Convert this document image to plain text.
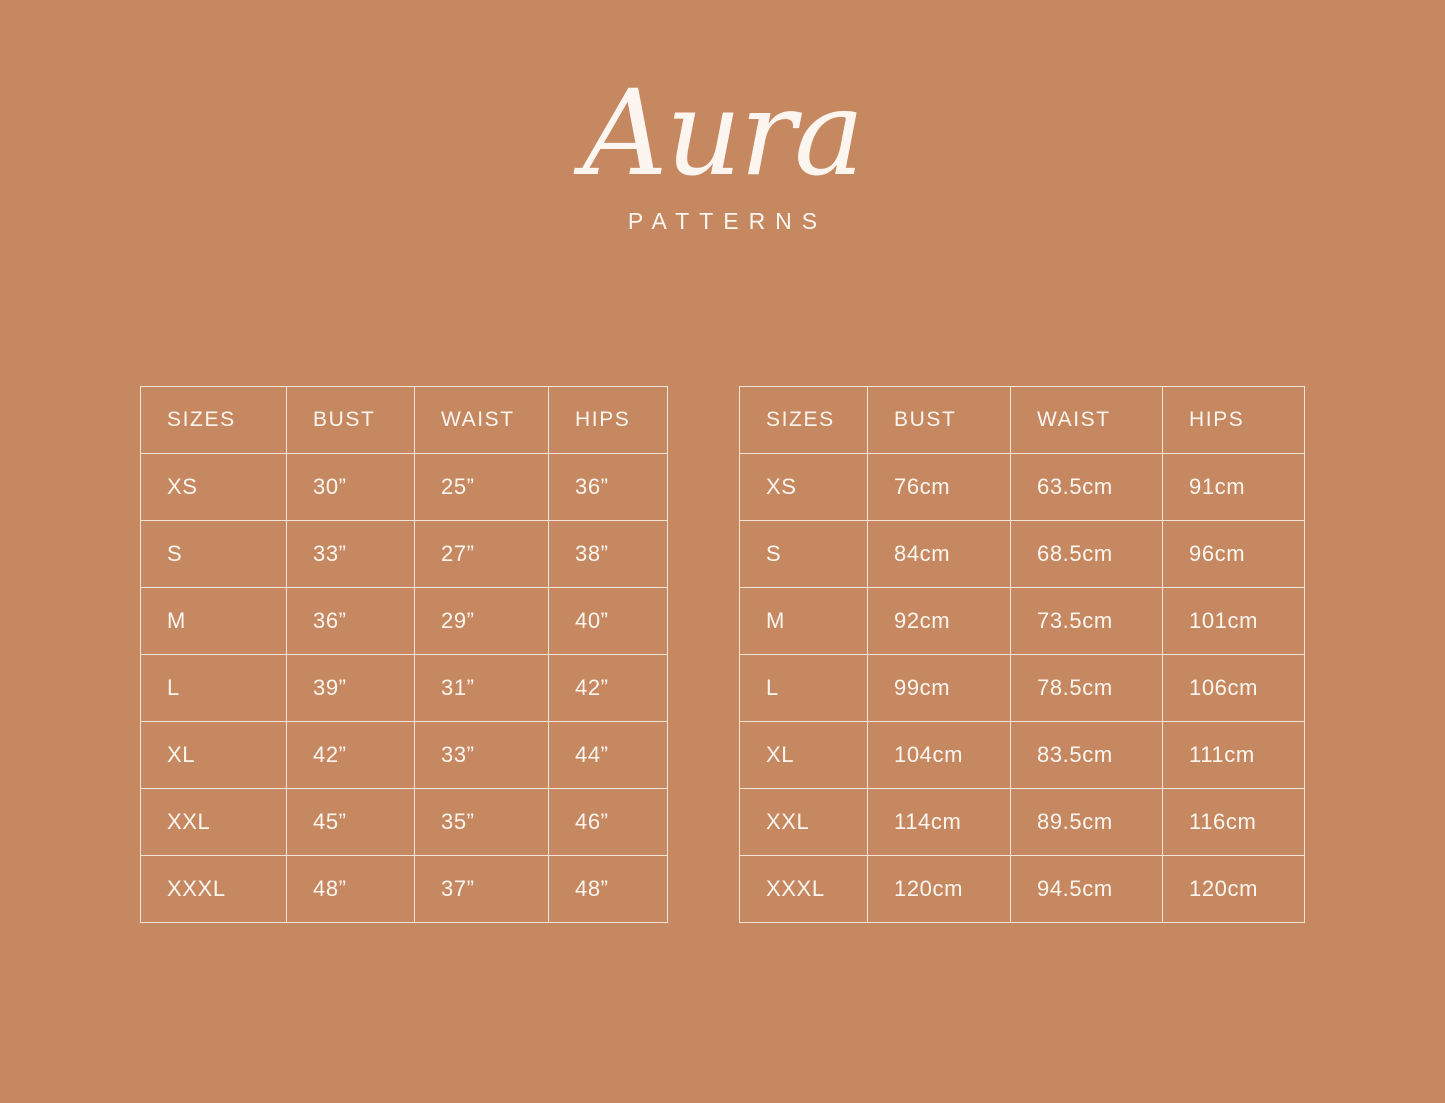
Aura
PATTERNS
SIZES	BUST	WAIST	HIPS
XS	30”	25”	36”
S	33”	27”	38”
M	36”	29”	40”
L	39”	31”	42”
XL	42”	33”	44”
XXL	45”	35”	46”
XXXL	48”	37”	48”
SIZES	BUST	WAIST	HIPS
XS	76cm	63.5cm	91cm
S	84cm	68.5cm	96cm
M	92cm	73.5cm	101cm
L	99cm	78.5cm	106cm
XL	104cm	83.5cm	111cm
XXL	114cm	89.5cm	116cm
XXXL	120cm	94.5cm	120cm
